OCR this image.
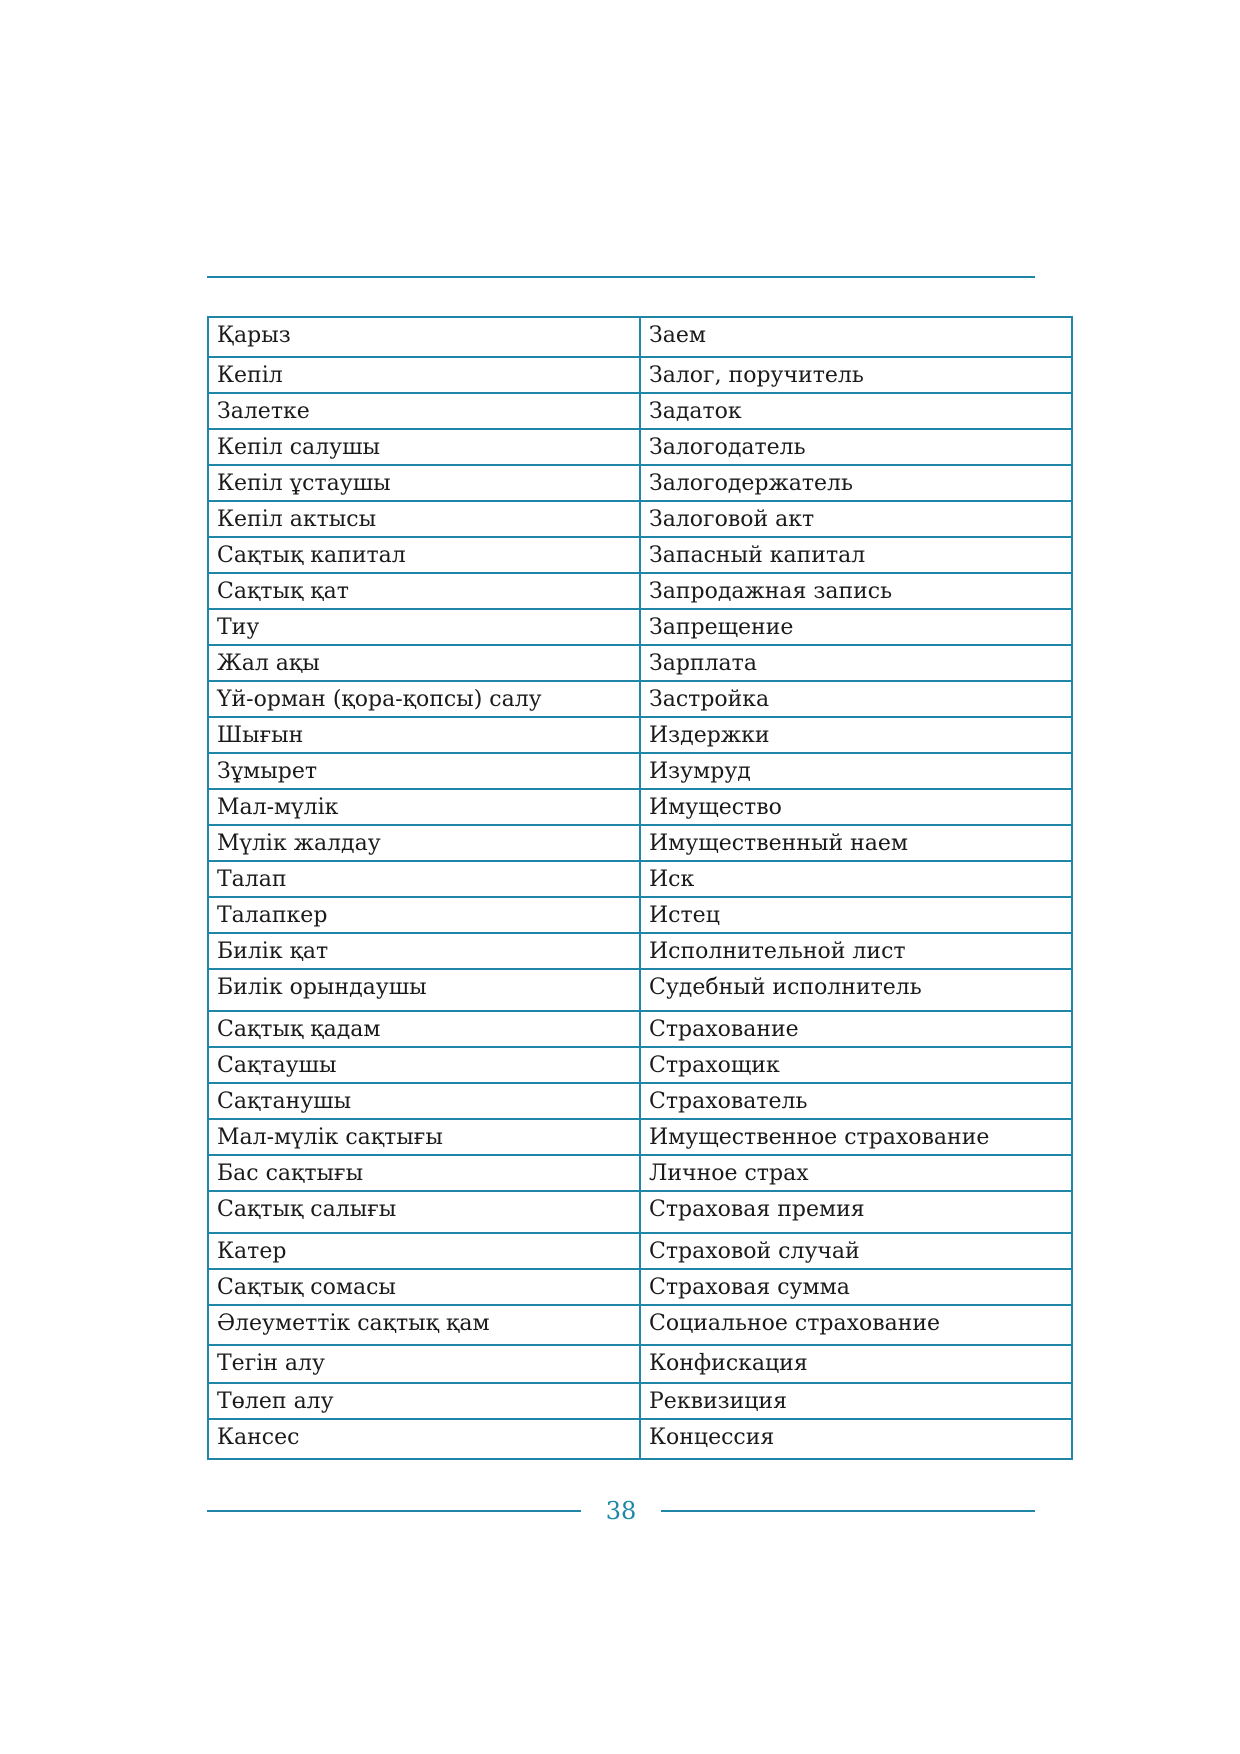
Қарыз	Заем

Кепіл	Залог, поручитель

Залетке	Задаток

Кепіл салушы	Залогодатель

Кепіл ұстаушы	Залогодержатель

Кепіл актысы	Залоговой акт

Сақтық капитал	Запасный капитал

Сақтық қат	Запродажная запись

Тиу	Запрещение

Жал ақы	Зарплата

Үй-орман (қора-қопсы) салу	Застройка

Шығын	Издержки

Зұмырет	Изумруд

Мал-мүлік	Имущество

Мүлік жалдау	Имущественный наем

Талап	Иск

Талапкер	Истец

Билік қат	Исполнительной лист

Билік орындаушы	Судебный исполнитель

Сақтық қадам	Страхование

Сақтаушы	Страхощик

Сақтанушы	Страхователь

Мал-мүлік сақтығы	Имущественное страхование

Бас сақтығы	Личное страх

Сақтық салығы	Страховая премия

Катер	Страховой случай

Сақтық сомасы	Страховая сумма

Әлеуметтік сақтық қам	Социальное страхование

Тегін алу	Конфискация

Төлеп алу	Реквизиция

Кансес	Концессия
38
